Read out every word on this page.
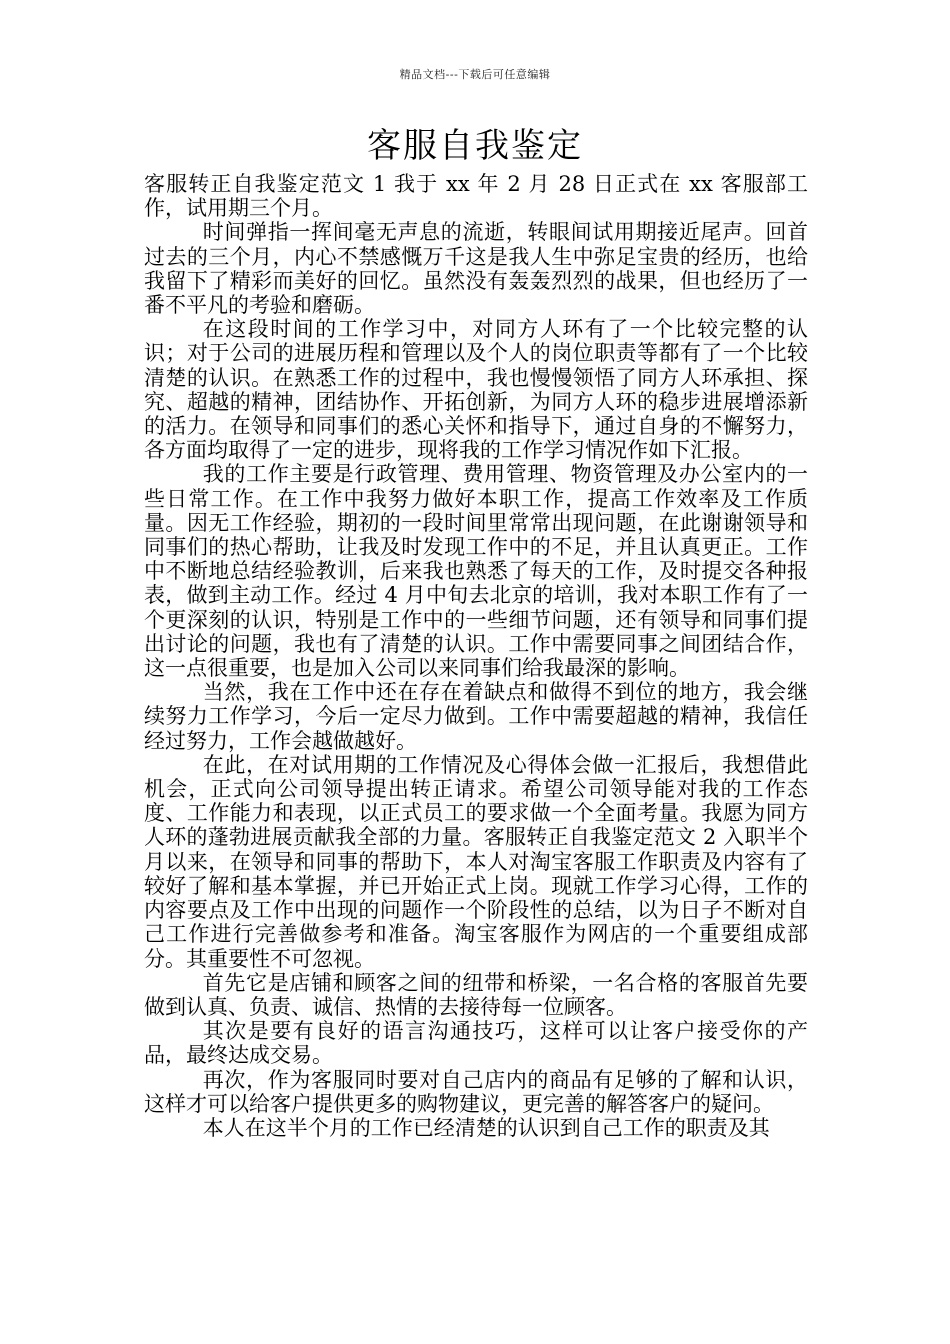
精品文档---下载后可任意编辑
客服自我鉴定

客服转正自我鉴定范文 1 我于 xx 年 2 月 28 日正式在 xx 客服部工作，试用期三个月。

时间弹指一挥间毫无声息的流逝，转眼间试用期接近尾声。回首过去的三个月，内心不禁感慨万千这是我人生中弥足宝贵的经历，也给我留下了精彩而美好的回忆。虽然没有轰轰烈烈的战果，但也经历了一番不平凡的考验和磨砺。

在这段时间的工作学习中，对同方人环有了一个比较完整的认识；对于公司的进展历程和管理以及个人的岗位职责等都有了一个比较清楚的认识。在熟悉工作的过程中，我也慢慢领悟了同方人环承担、探究、超越的精神，团结协作、开拓创新，为同方人环的稳步进展增添新的活力。在领导和同事们的悉心关怀和指导下，通过自身的不懈努力，各方面均取得了一定的进步，现将我的工作学习情况作如下汇报。

我的工作主要是行政管理、费用管理、物资管理及办公室内的一些日常工作。在工作中我努力做好本职工作，提高工作效率及工作质量。因无工作经验，期初的一段时间里常常出现问题，在此谢谢领导和同事们的热心帮助，让我及时发现工作中的不足，并且认真更正。工作中不断地总结经验教训，后来我也熟悉了每天的工作，及时提交各种报表，做到主动工作。经过 4 月中旬去北京的培训，我对本职工作有了一个更深刻的认识，特别是工作中的一些细节问题，还有领导和同事们提出讨论的问题，我也有了清楚的认识。工作中需要同事之间团结合作，这一点很重要，也是加入公司以来同事们给我最深的影响。

当然，我在工作中还在存在着缺点和做得不到位的地方，我会继续努力工作学习，今后一定尽力做到。工作中需要超越的精神，我信任经过努力，工作会越做越好。

在此，在对试用期的工作情况及心得体会做一汇报后，我想借此机会，正式向公司领导提出转正请求。希望公司领导能对我的工作态度、工作能力和表现，以正式员工的要求做一个全面考量。我愿为同方人环的蓬勃进展贡献我全部的力量。客服转正自我鉴定范文 2 入职半个月以来，在领导和同事的帮助下，本人对淘宝客服工作职责及内容有了较好了解和基本掌握，并已开始正式上岗。现就工作学习心得，工作的内容要点及工作中出现的问题作一个阶段性的总结，以为日子不断对自己工作进行完善做参考和准备。淘宝客服作为网店的一个重要组成部分。其重要性不可忽视。

首先它是店铺和顾客之间的纽带和桥梁，一名合格的客服首先要做到认真、负责、诚信、热情的去接待每一位顾客。

其次是要有良好的语言沟通技巧，这样可以让客户接受你的产品，最终达成交易。

再次，作为客服同时要对自己店内的商品有足够的了解和认识，这样才可以给客户提供更多的购物建议，更完善的解答客户的疑问。

本人在这半个月的工作已经清楚的认识到自己工作的职责及其
